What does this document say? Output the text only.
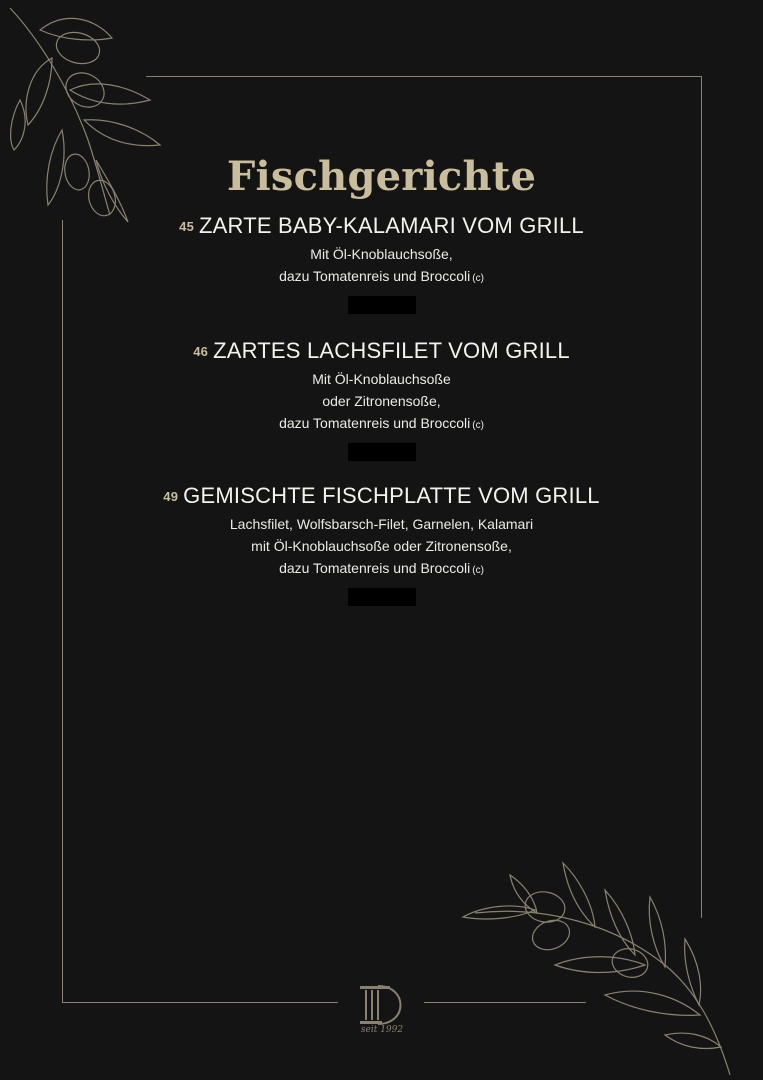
Fischgerichte
45 ZARTE BABY-KALAMARI VOM GRILL
Mit Öl-Knoblauchsoße,
dazu Tomatenreis und Broccoli (c)
46 ZARTES LACHSFILET VOM GRILL
Mit Öl-Knoblauchsoße
oder Zitronensoße,
dazu Tomatenreis und Broccoli (c)
49 GEMISCHTE FISCHPLATTE VOM GRILL
Lachsfilet, Wolfsbarsch-Filet, Garnelen, Kalamari
mit Öl-Knoblauchsoße oder Zitronensoße,
dazu Tomatenreis und Broccoli (c)
seit 1992
